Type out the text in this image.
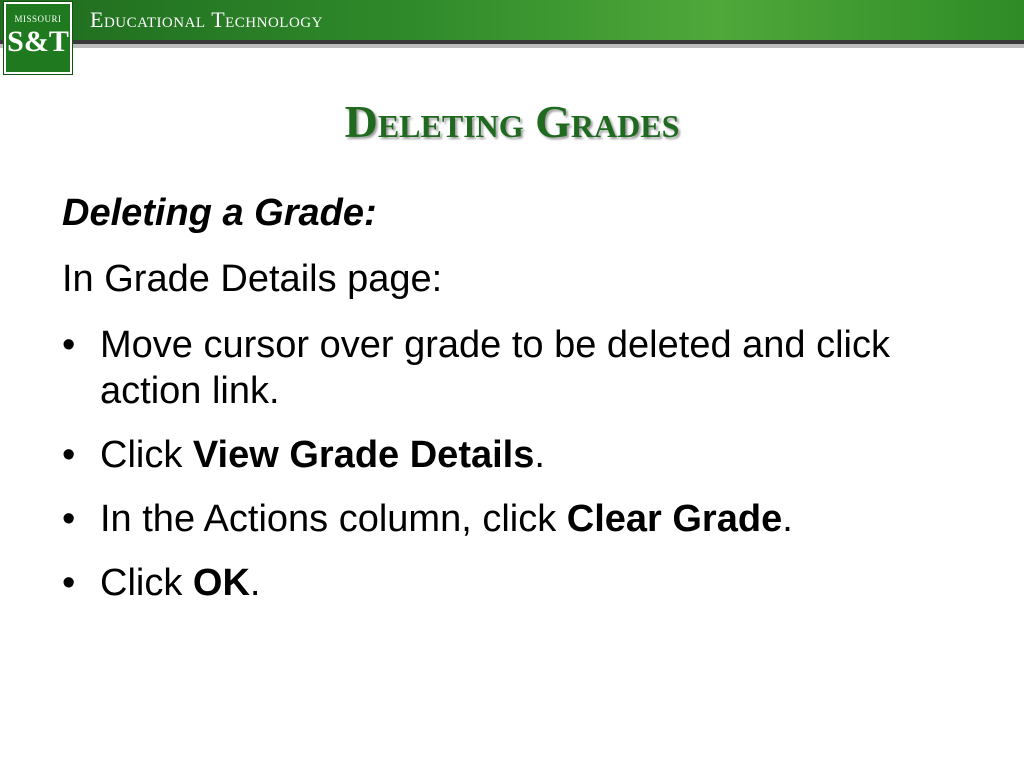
Educational Technology
MISSOURI
S&T
Deleting Grades

Deleting a Grade:

In Grade Details page:

• Move cursor over grade to be deleted and click action link.
• Click View Grade Details.
• In the Actions column, click Clear Grade.
• Click OK.
